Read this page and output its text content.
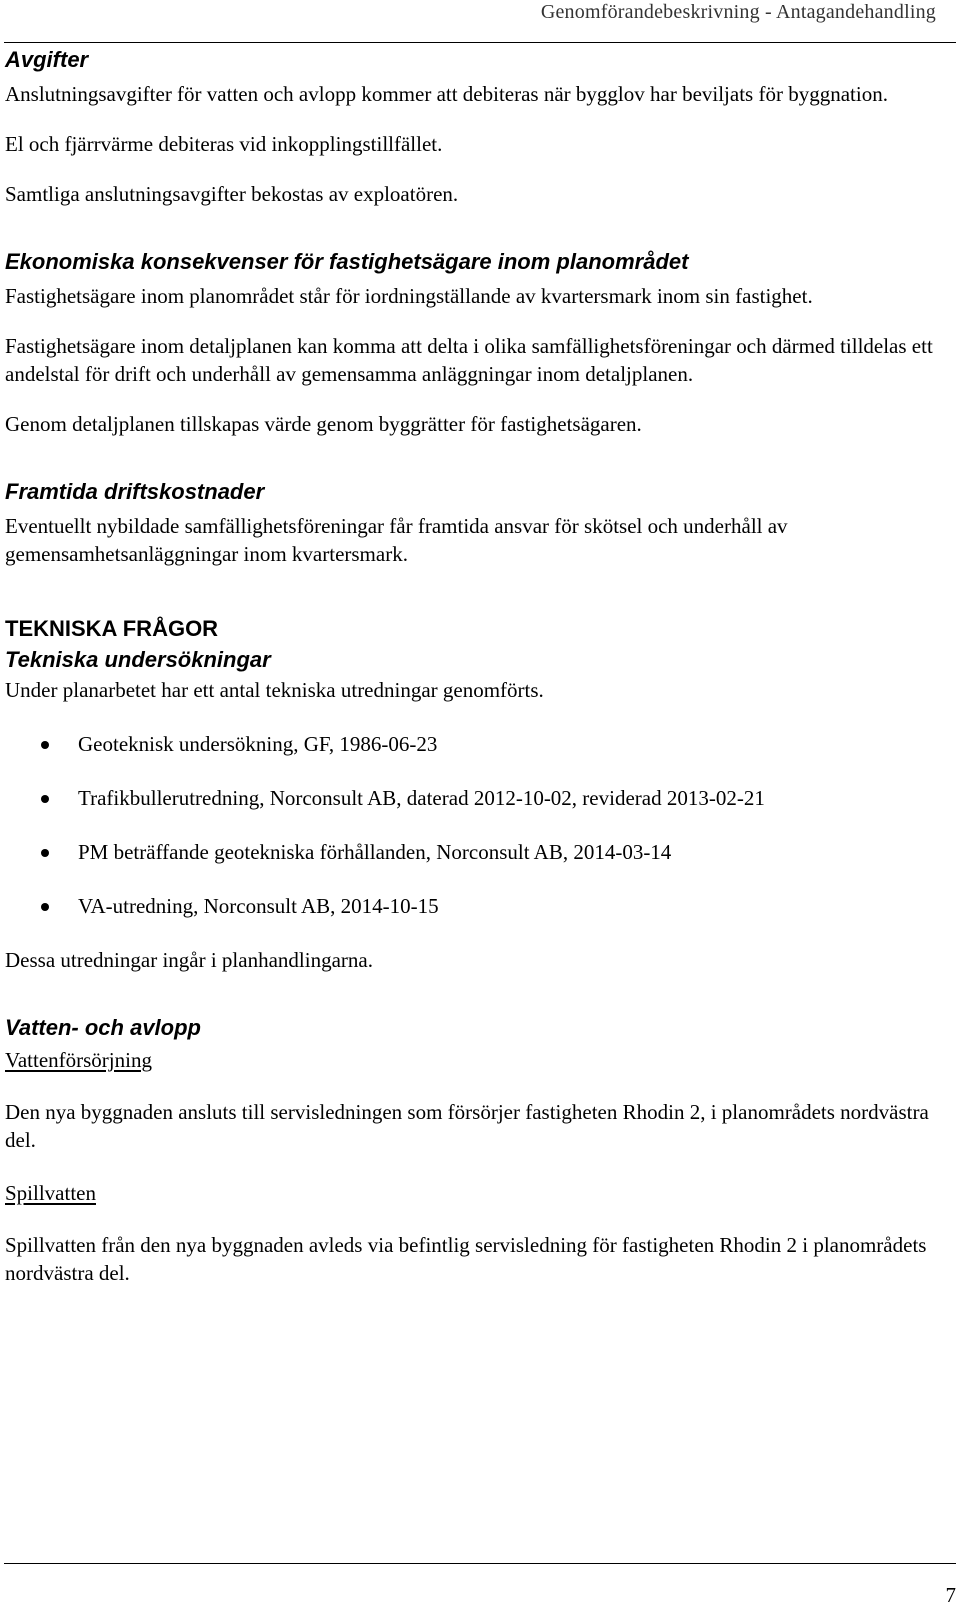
Genomförandebeskrivning - Antagandehandling
Avgifter

Anslutningsavgifter för vatten och avlopp kommer att debiteras när bygglov har beviljats för byggnation.

El och fjärrvärme debiteras vid inkopplingstillfället.

Samtliga anslutningsavgifter bekostas av exploatören.

Ekonomiska konsekvenser för fastighetsägare inom planområdet

Fastighetsägare inom planområdet står för iordningställande av kvartersmark inom sin fastighet.

Fastighetsägare inom detaljplanen kan komma att delta i olika samfällighetsföreningar och därmed tilldelas ett andelstal för drift och underhåll av gemensamma anläggningar inom detaljplanen.

Genom detaljplanen tillskapas värde genom byggrätter för fastighetsägaren.

Framtida driftskostnader

Eventuellt nybildade samfällighetsföreningar får framtida ansvar för skötsel och underhåll av gemensamhetsanläggningar inom kvartersmark.

TEKNISKA FRÅGOR
Tekniska undersökningar

Under planarbetet har ett antal tekniska utredningar genomförts.

Geoteknisk undersökning, GF, 1986-06-23
Trafikbullerutredning, Norconsult AB, daterad 2012-10-02, reviderad 2013-02-21
PM beträffande geotekniska förhållanden, Norconsult AB, 2014-03-14
VA-utredning, Norconsult AB, 2014-10-15

Dessa utredningar ingår i planhandlingarna.

Vatten- och avlopp

Vattenförsörjning

Den nya byggnaden ansluts till servisledningen som försörjer fastigheten Rhodin 2, i planområdets nordvästra del.

Spillvatten

Spillvatten från den nya byggnaden avleds via befintlig servisledning för fastigheten Rhodin 2 i planområdets nordvästra del.

7
